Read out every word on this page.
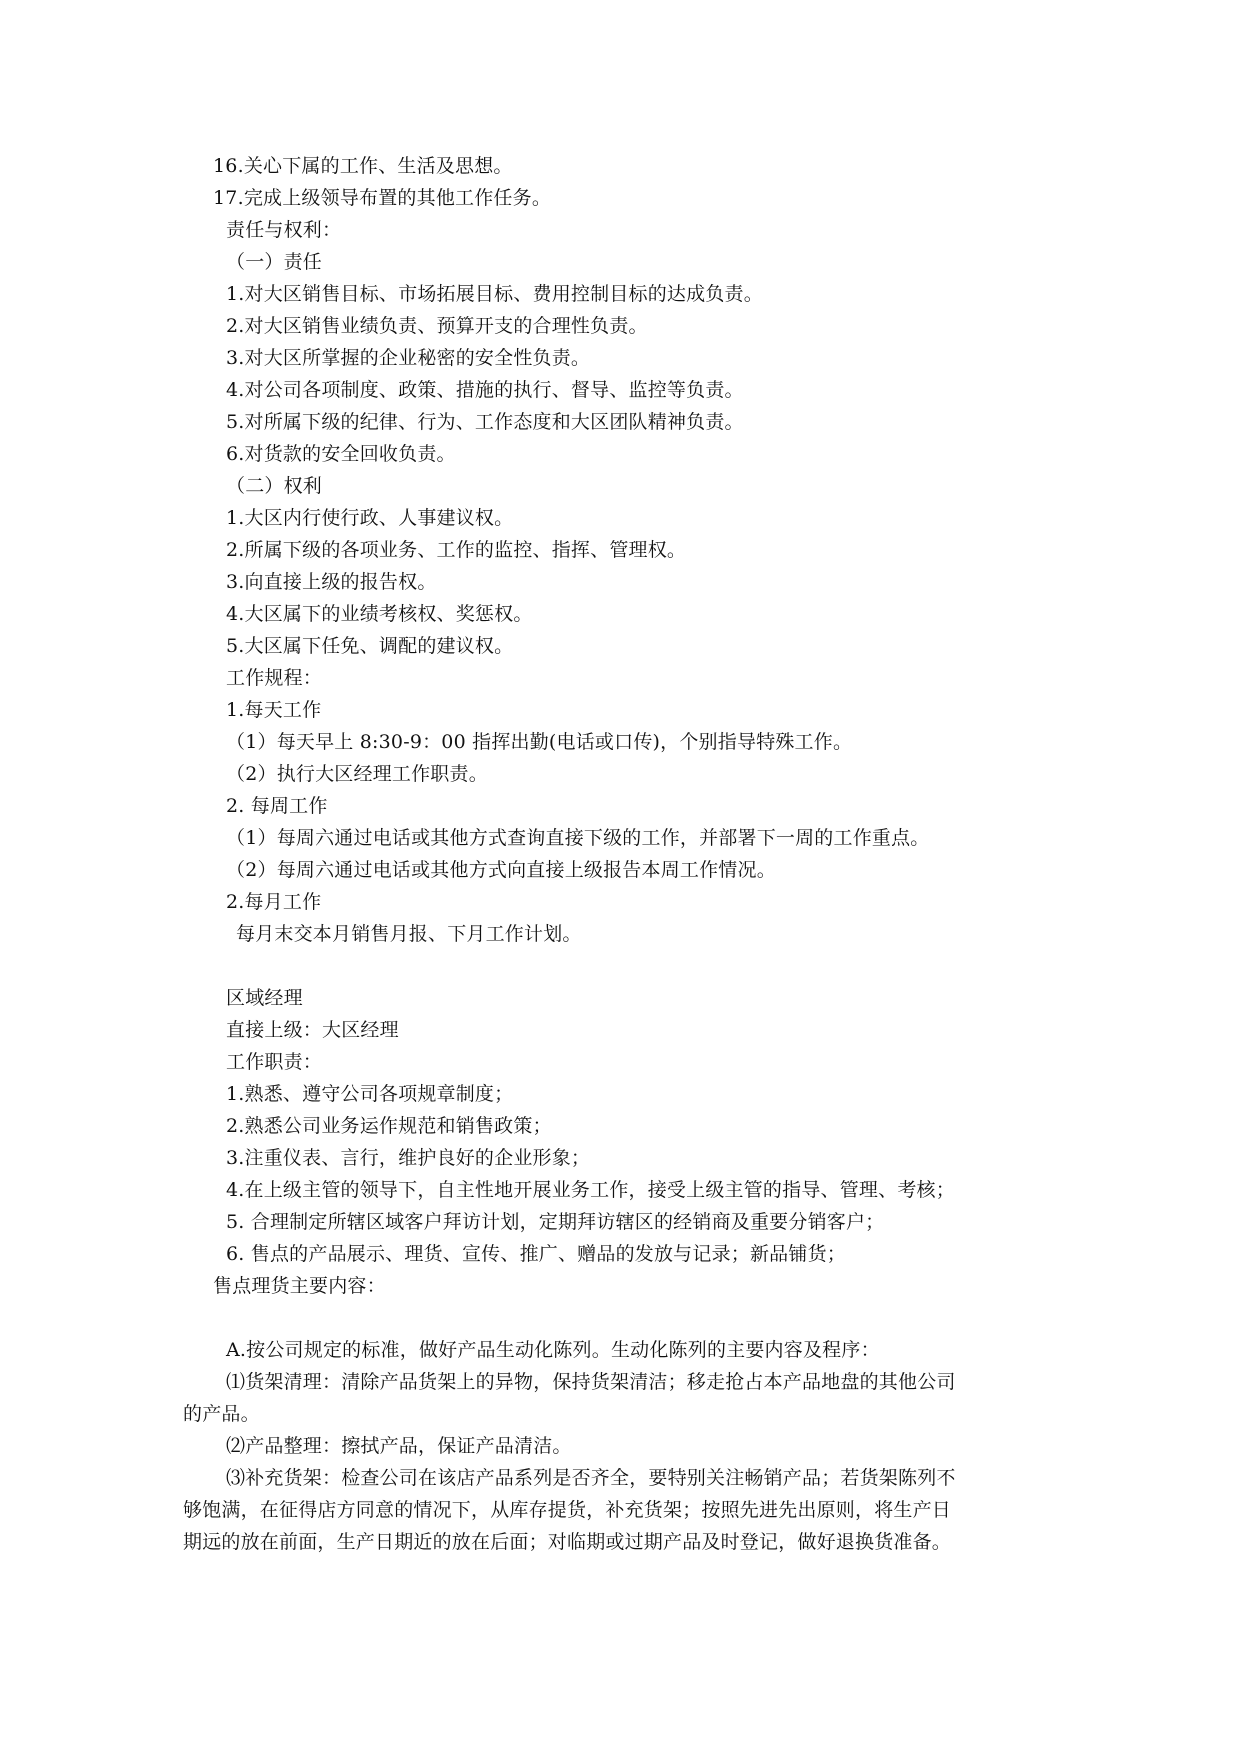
16.关心下属的工作、生活及思想。
17.完成上级领导布置的其他工作任务。
责任与权利：
（一）责任
1.对大区销售目标、市场拓展目标、费用控制目标的达成负责。
2.对大区销售业绩负责、预算开支的合理性负责。
3.对大区所掌握的企业秘密的安全性负责。
4.对公司各项制度、政策、措施的执行、督导、监控等负责。
5.对所属下级的纪律、行为、工作态度和大区团队精神负责。
6.对货款的安全回收负责。
（二）权利
1.大区内行使行政、人事建议权。
2.所属下级的各项业务、工作的监控、指挥、管理权。
3.向直接上级的报告权。
4.大区属下的业绩考核权、奖惩权。
5.大区属下任免、调配的建议权。
工作规程：
1.每天工作
（1）每天早上 8:30-9：00 指挥出勤(电话或口传)，个别指导特殊工作。
（2）执行大区经理工作职责。
2. 每周工作
（1）每周六通过电话或其他方式查询直接下级的工作，并部署下一周的工作重点。
（2）每周六通过电话或其他方式向直接上级报告本周工作情况。
2.每月工作
每月末交本月销售月报、下月工作计划。
区域经理
直接上级：大区经理
工作职责：
1.熟悉、遵守公司各项规章制度；
2.熟悉公司业务运作规范和销售政策；
3.注重仪表、言行，维护良好的企业形象；
4.在上级主管的领导下，自主性地开展业务工作，接受上级主管的指导、管理、考核；
5. 合理制定所辖区域客户拜访计划，定期拜访辖区的经销商及重要分销客户；
6. 售点的产品展示、理货、宣传、推广、赠品的发放与记录；新品铺货；
售点理货主要内容：
A.按公司规定的标准，做好产品生动化陈列。生动化陈列的主要内容及程序：
⑴货架清理：清除产品货架上的异物，保持货架清洁；移走抢占本产品地盘的其他公司
的产品。
⑵产品整理：擦拭产品，保证产品清洁。
⑶补充货架：检查公司在该店产品系列是否齐全，要特别关注畅销产品；若货架陈列不
够饱满，在征得店方同意的情况下，从库存提货，补充货架；按照先进先出原则，将生产日
期远的放在前面，生产日期近的放在后面；对临期或过期产品及时登记，做好退换货准备。
